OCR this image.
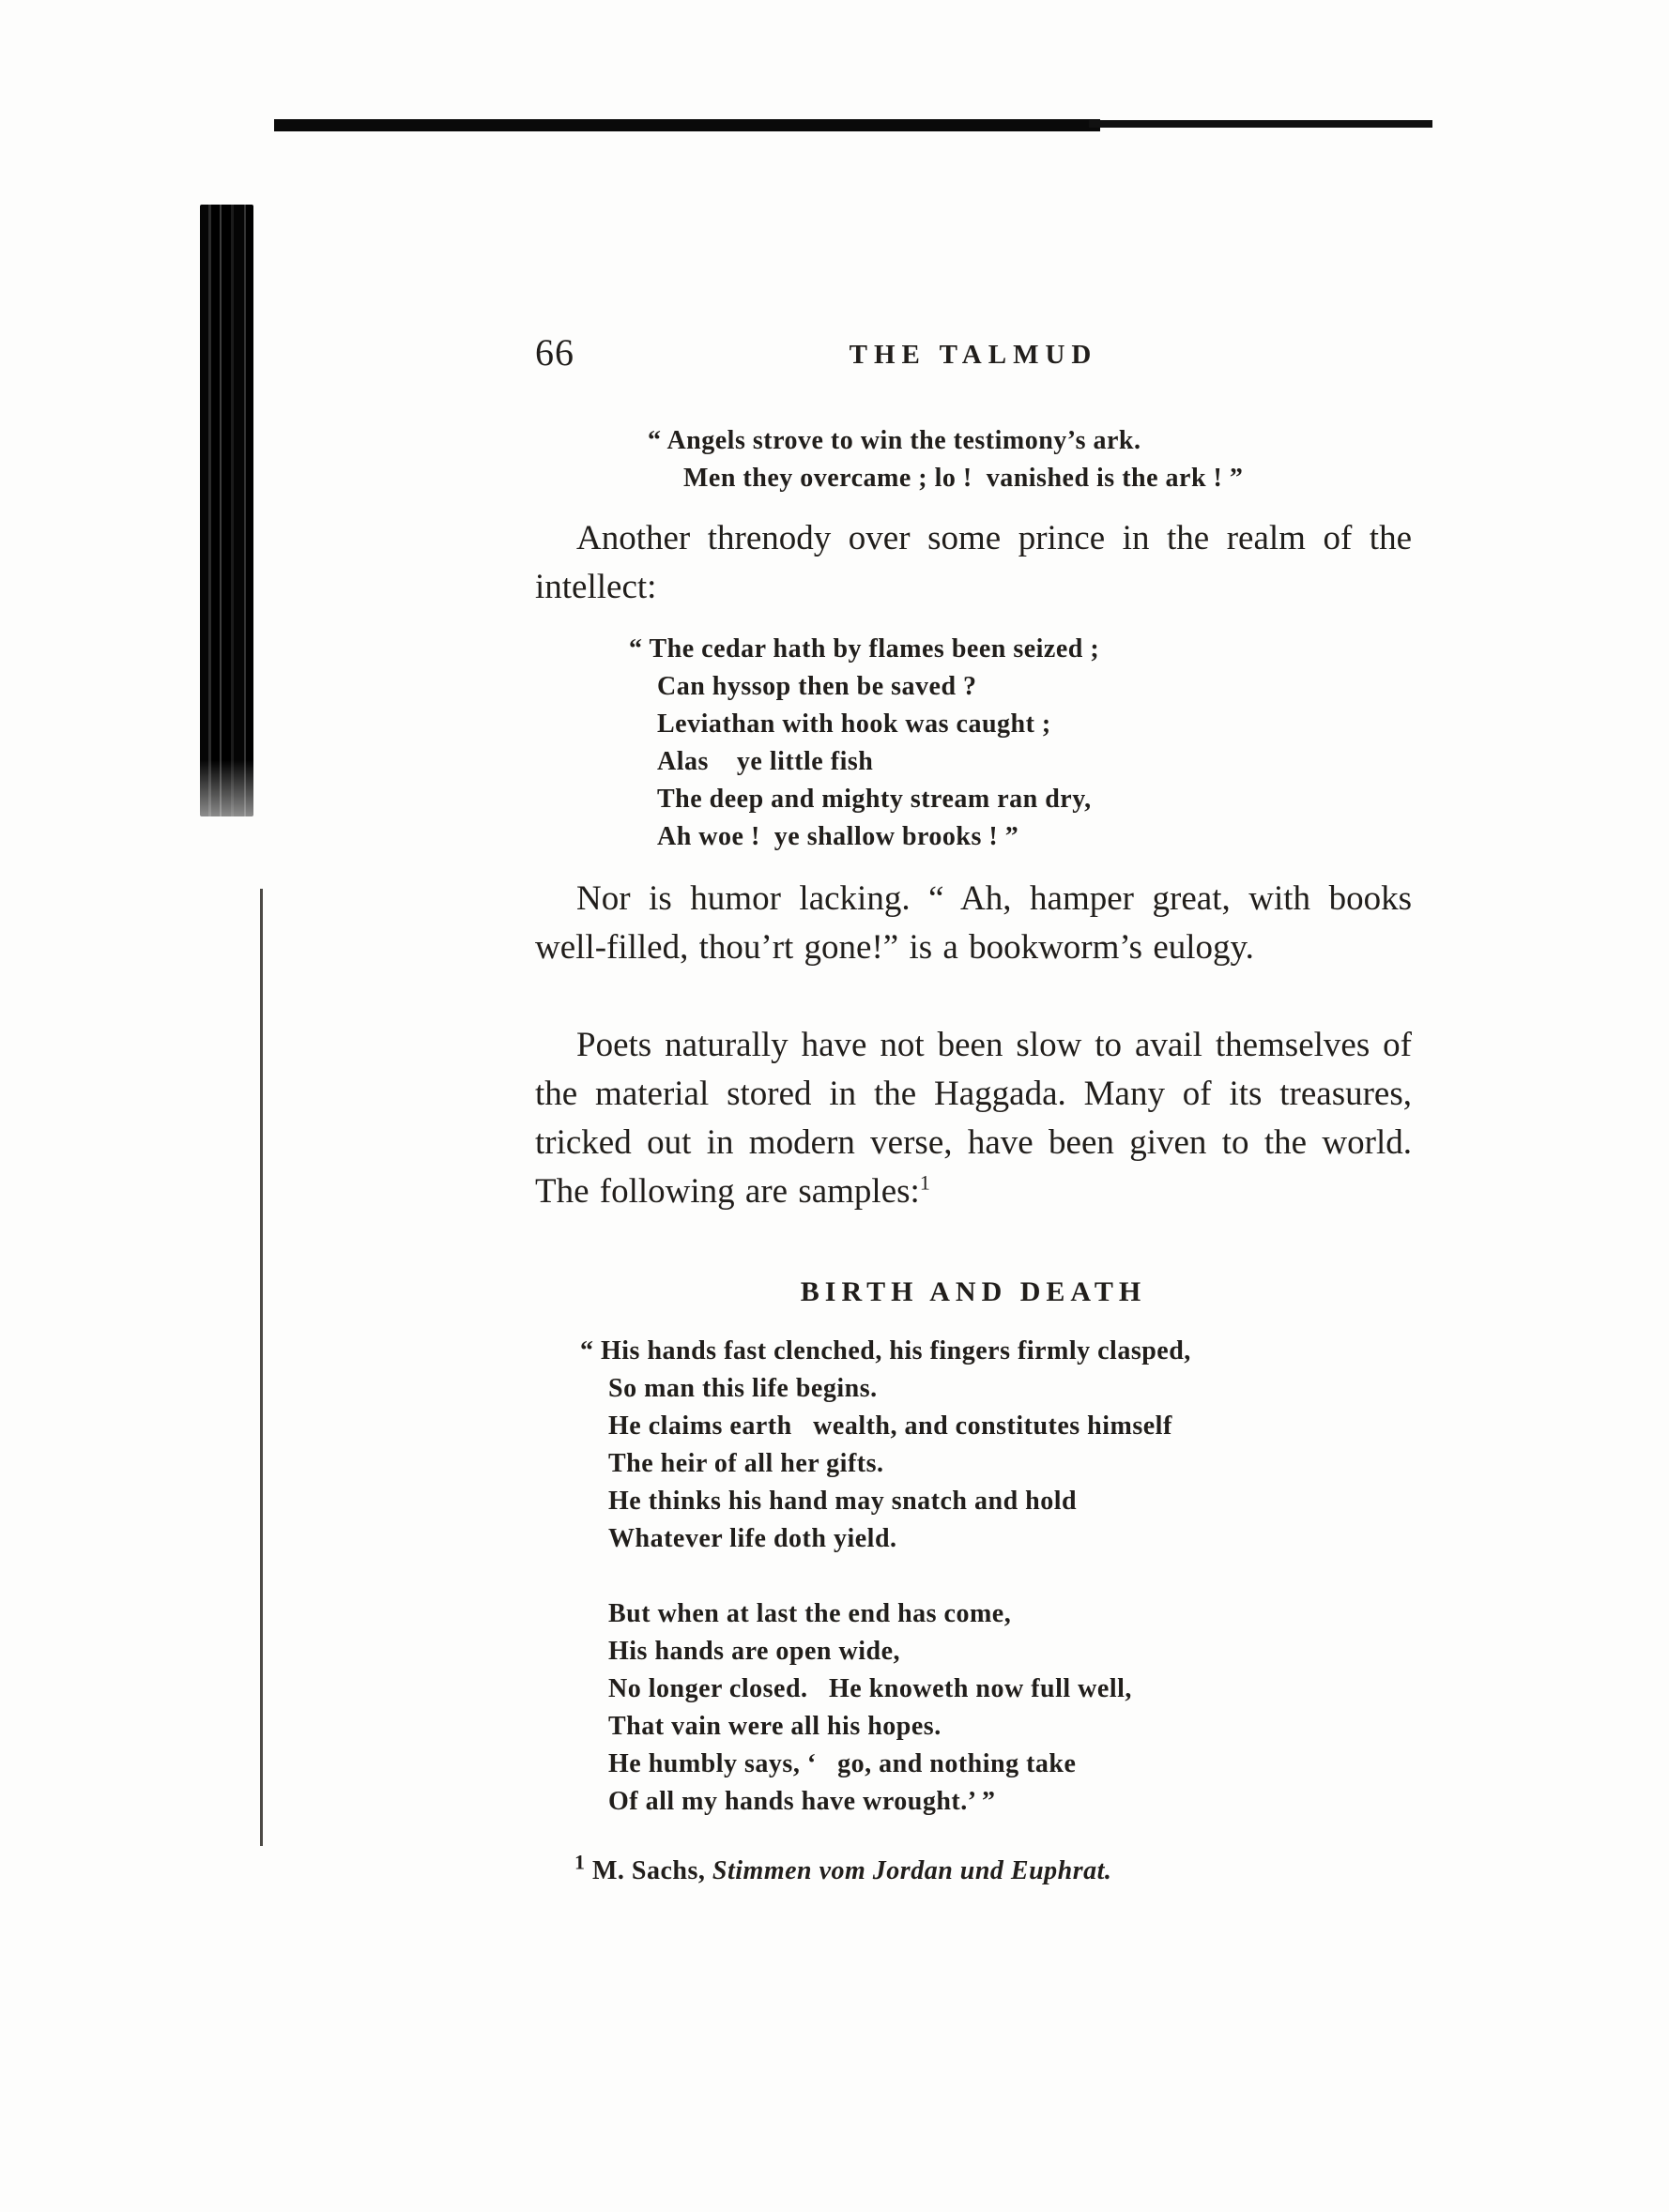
66	THE TALMUD
“ Angels strove to win the testimony’s ark.
Men they overcame ; lo !  vanished is the ark ! ”

Another threnody over some prince in the realm of the intellect:

“ The cedar hath by flames been seized ;
Can hyssop then be saved ?
Leviathan with hook was caught ;
Alas    ye little fish
The deep and mighty stream ran dry,
Ah woe !  ye shallow brooks ! ”

Nor is humor lacking. “ Ah, hamper great, with books well-filled, thou’rt gone!” is a bookworm’s eulogy.

Poets naturally have not been slow to avail themselves of the material stored in the Haggada. Many of its treasures, tricked out in modern verse, have been given to the world. The following are samples:$^1$

BIRTH AND DEATH
“ His hands fast clenched, his fingers firmly clasped,
So man this life begins.
He claims earth   wealth, and constitutes himself
The heir of all her gifts.
He thinks his hand may snatch and hold
Whatever life doth yield.
But when at last the end has come,
His hands are open wide,
No longer closed.   He knoweth now full well,
That vain were all his hopes.
He humbly says, ‘   go, and nothing take
Of all my hands have wrought.’ ”

$^1$ M. Sachs, Stimmen vom Jordan und Euphrat.
